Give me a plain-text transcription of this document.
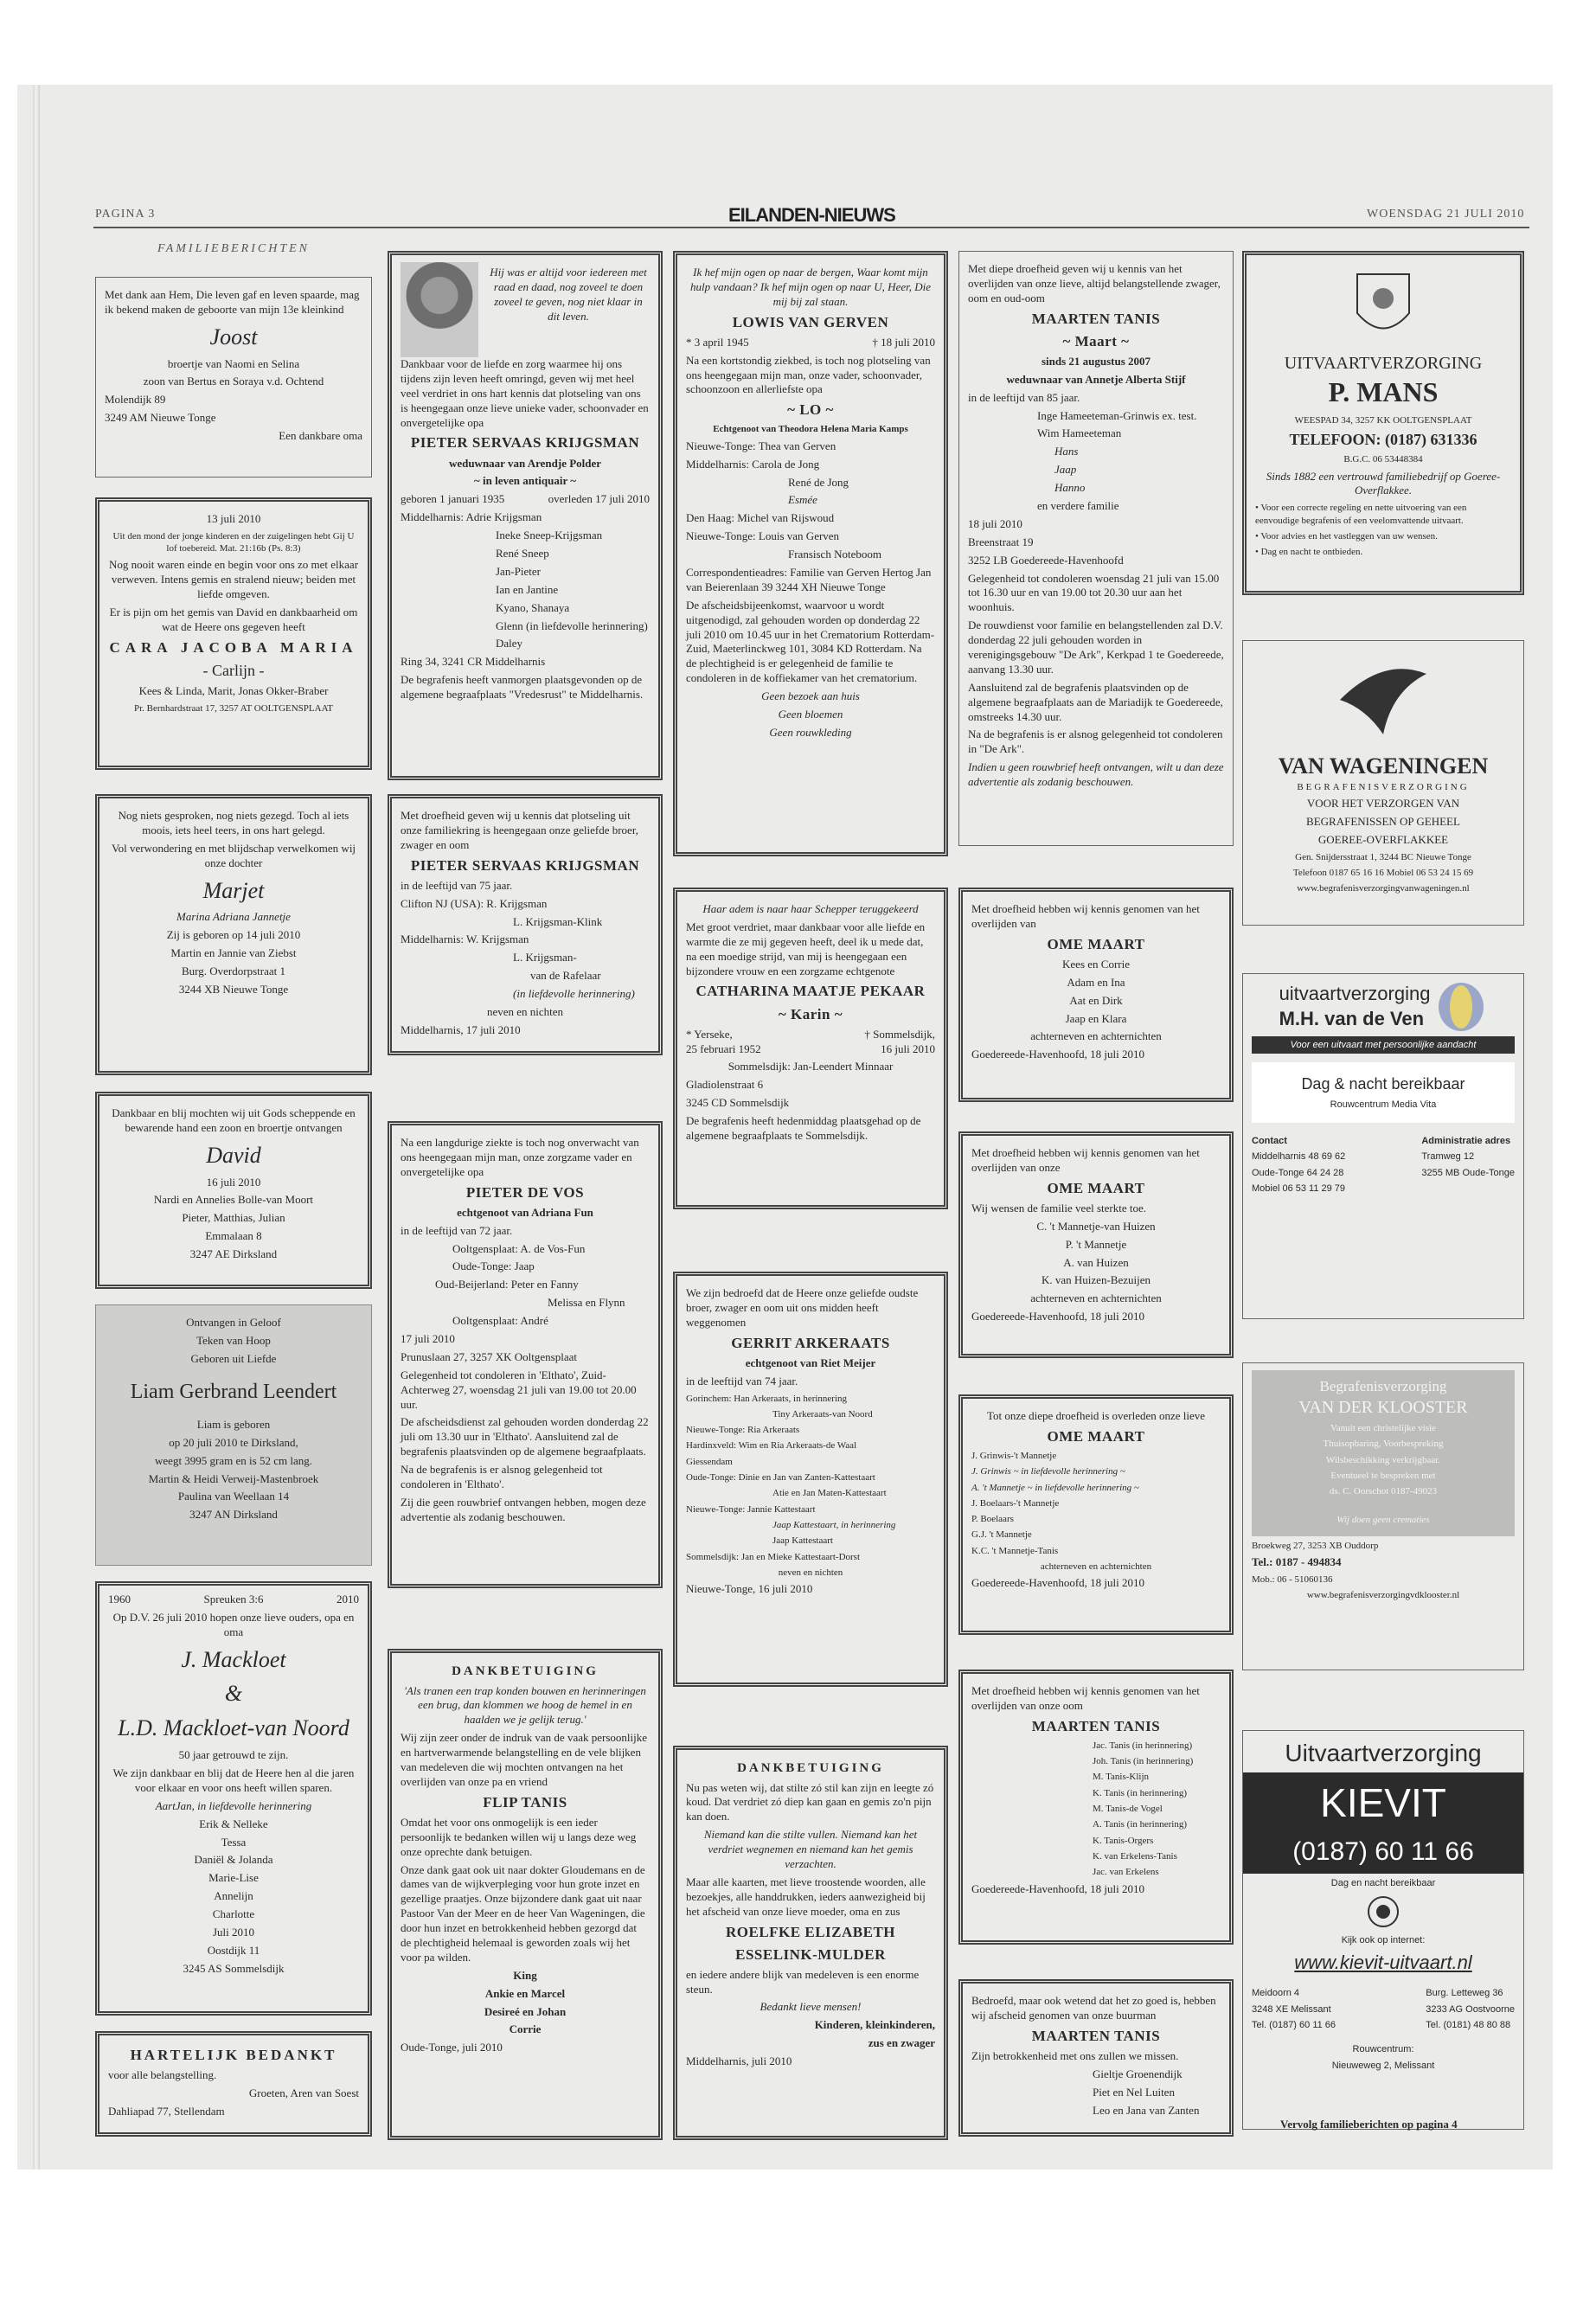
PAGINA 3	EILANDEN-NIEUWS	WOENSDAG 21 JULI 2010
FAMILIEBERICHTEN

Met dank aan Hem, Die leven gaf en leven spaarde, mag ik bekend maken de geboorte van mijn 13e kleinkind

Joost

broertje van Naomi en Selina

zoon van Bertus en Soraya v.d. Ochtend

Molendijk 89

3249 AM Nieuwe Tonge

Een dankbare oma

13 juli 2010

Uit den mond der jonge kinderen en der zuigelingen hebt Gij U lof toebereid. Mat. 21:16b (Ps. 8:3)

Nog nooit waren einde en begin voor ons zo met elkaar verweven. Intens gemis en stralend nieuw; beiden met liefde omgeven.

Er is pijn om het gemis van David en dankbaarheid om wat de Heere ons gegeven heeft

CARA JACOBA MARIA
- Carlijn -

Kees & Linda, Marit, Jonas Okker-Braber

Pr. Bernhardstraat 17, 3257 AT OOLTGENSPLAAT

Nog niets gesproken, nog niets gezegd. Toch al iets moois, iets heel teers, in ons hart gelegd.

Vol verwondering en met blijdschap verwelkomen wij onze dochter

Marjet

Marina Adriana Jannetje

Zij is geboren op 14 juli 2010

Martin en Jannie van Ziebst

Burg. Overdorpstraat 1

3244 XB Nieuwe Tonge

Dankbaar en blij mochten wij uit Gods scheppende en bewarende hand een zoon en broertje ontvangen

David

16 juli 2010

Nardi en Annelies Bolle-van Moort

Pieter, Matthias, Julian

Emmalaan 8

3247 AE Dirksland

Ontvangen in Geloof

Teken van Hoop

Geboren uit Liefde

Liam Gerbrand Leendert

Liam is geboren

op 20 juli 2010 te Dirksland,

weegt 3995 gram en is 52 cm lang.

Martin & Heidi Verweij-Mastenbroek

Paulina van Weellaan 14

3247 AN Dirksland

1960	Spreuken 3:6	2010

Op D.V. 26 juli 2010 hopen onze lieve ouders, opa en oma

J. Mackloet
&
L.D. Mackloet-van Noord

50 jaar getrouwd te zijn.

We zijn dankbaar en blij dat de Heere hen al die jaren voor elkaar en voor ons heeft willen sparen.

AartJan, in liefdevolle herinnering

Erik & Nelleke

Tessa

Daniël & Jolanda

Marie-Lise

Annelijn

Charlotte

Juli 2010

Oostdijk 11

3245 AS Sommelsdijk

HARTELIJK BEDANKT

voor alle belangstelling.

Groeten, Aren van Soest

Dahliapad 77, Stellendam

Hij was er altijd voor iedereen met raad en daad, nog zoveel te doen zoveel te geven, nog niet klaar in dit leven.

Dankbaar voor de liefde en zorg waarmee hij ons tijdens zijn leven heeft omringd, geven wij met heel veel verdriet in ons hart kennis dat plotseling van ons is heengegaan onze lieve unieke vader, schoonvader en onvergetelijke opa

PIETER SERVAAS KRIJGSMAN

weduwnaar van Arendje Polder

~ in leven antiquair ~

geboren 1 januari 1935	overleden 17 juli 2010

Middelharnis: Adrie Krijgsman

Ineke Sneep-Krijgsman

René Sneep

Jan-Pieter

Ian en Jantine

Kyano, Shanaya

Glenn (in liefdevolle herinnering)

Daley

Ring 34, 3241 CR Middelharnis

De begrafenis heeft vanmorgen plaatsgevonden op de algemene begraafplaats "Vredesrust" te Middelharnis.

Met droefheid geven wij u kennis dat plotseling uit onze familiekring is heengegaan onze geliefde broer, zwager en oom

PIETER SERVAAS KRIJGSMAN

in de leeftijd van 75 jaar.

Clifton NJ (USA): R. Krijgsman

L. Krijgsman-Klink

Middelharnis: W. Krijgsman

L. Krijgsman-

van de Rafelaar

(in liefdevolle herinnering)

neven en nichten

Middelharnis, 17 juli 2010

Na een langdurige ziekte is toch nog onverwacht van ons heengegaan mijn man, onze zorgzame vader en onvergetelijke opa

PIETER DE VOS

echtgenoot van Adriana Fun

in de leeftijd van 72 jaar.

Ooltgensplaat: A. de Vos-Fun

Oude-Tonge: Jaap

Oud-Beijerland: Peter en Fanny

Melissa en Flynn

Ooltgensplaat: André

17 juli 2010

Prunuslaan 27, 3257 XK Ooltgensplaat

Gelegenheid tot condoleren in 'Elthato', Zuid-Achterweg 27, woensdag 21 juli van 19.00 tot 20.00 uur.

De afscheidsdienst zal gehouden worden donderdag 22 juli om 13.30 uur in 'Elthato'. Aansluitend zal de begrafenis plaatsvinden op de algemene begraafplaats.

Na de begrafenis is er alsnog gelegenheid tot condoleren in 'Elthato'.

Zij die geen rouwbrief ontvangen hebben, mogen deze advertentie als zodanig beschouwen.

DANKBETUIGING

'Als tranen een trap konden bouwen en herinneringen een brug, dan klommen we hoog de hemel in en haalden we je gelijk terug.'

Wij zijn zeer onder de indruk van de vaak persoonlijke en hartverwarmende belangstelling en de vele blijken van medeleven die wij mochten ontvangen na het overlijden van onze pa en vriend

FLIP TANIS

Omdat het voor ons onmogelijk is een ieder persoonlijk te bedanken willen wij u langs deze weg onze oprechte dank betuigen.

Onze dank gaat ook uit naar dokter Gloudemans en de dames van de wijkverpleging voor hun grote inzet en gezellige praatjes. Onze bijzondere dank gaat uit naar Pastoor Van der Meer en de heer Van Wageningen, die door hun inzet en betrokkenheid hebben gezorgd dat de plechtigheid helemaal is geworden zoals wij het voor pa wilden.

King

Ankie en Marcel

Desireé en Johan

Corrie

Oude-Tonge, juli 2010

Ik hef mijn ogen op naar de bergen, Waar komt mijn hulp vandaan? Ik hef mijn ogen op naar U, Heer, Die mij bij zal staan.

LOWIS VAN GERVEN
* 3 april 1945	† 18 juli 2010

Na een kortstondig ziekbed, is toch nog plotseling van ons heengegaan mijn man, onze vader, schoonvader, schoonzoon en allerliefste opa

~ LO ~

Echtgenoot van Theodora Helena Maria Kamps

Nieuwe-Tonge: Thea van Gerven

Middelharnis: Carola de Jong

René de Jong

Esmée

Den Haag: Michel van Rijswoud

Nieuwe-Tonge: Louis van Gerven

Fransisch Noteboom

Correspondentieadres: Familie van Gerven Hertog Jan van Beierenlaan 39 3244 XH Nieuwe Tonge

De afscheidsbijeenkomst, waarvoor u wordt uitgenodigd, zal gehouden worden op donderdag 22 juli 2010 om 10.45 uur in het Crematorium Rotterdam-Zuid, Maeterlinckweg 101, 3084 KD Rotterdam. Na de plechtigheid is er gelegenheid de familie te condoleren in de koffiekamer van het crematorium.

Geen bezoek aan huis

Geen bloemen

Geen rouwkleding

Haar adem is naar haar Schepper teruggekeerd

Met groot verdriet, maar dankbaar voor alle liefde en warmte die ze mij gegeven heeft, deel ik u mede dat, na een moedige strijd, van mij is heengegaan een bijzondere vrouw en een zorgzame echtgenote

CATHARINA MAATJE PEKAAR
~ Karin ~
* Yerseke,	† Sommelsdijk,
25 februari 1952	16 juli 2010

Sommelsdijk: Jan-Leendert Minnaar

Gladiolenstraat 6

3245 CD Sommelsdijk

De begrafenis heeft hedenmiddag plaatsgehad op de algemene begraafplaats te Sommelsdijk.

We zijn bedroefd dat de Heere onze geliefde oudste broer, zwager en oom uit ons midden heeft weggenomen

GERRIT ARKERAATS

echtgenoot van Riet Meijer

in de leeftijd van 74 jaar.

Gorinchem: Han Arkeraats, in herinnering

Tiny Arkeraats-van Noord

Nieuwe-Tonge: Ria Arkeraats

Hardinxveld: Wim en Ria Arkeraats-de Waal

Giessendam

Oude-Tonge: Dinie en Jan van Zanten-Kattestaart

Atie en Jan Maten-Kattestaart

Nieuwe-Tonge: Jannie Kattestaart

Jaap Kattestaart, in herinnering

Jaap Kattestaart

Sommelsdijk: Jan en Mieke Kattestaart-Dorst

neven en nichten

Nieuwe-Tonge, 16 juli 2010

DANKBETUIGING

Nu pas weten wij, dat stilte zó stil kan zijn en leegte zó koud. Dat verdriet zó diep kan gaan en gemis zo'n pijn kan doen.

Niemand kan die stilte vullen. Niemand kan het verdriet wegnemen en niemand kan het gemis verzachten.

Maar alle kaarten, met lieve troostende woorden, alle bezoekjes, alle handdrukken, ieders aanwezigheid bij het afscheid van onze lieve moeder, oma en zus

ROELFKE ELIZABETH
ESSELINK-MULDER

en iedere andere blijk van medeleven is een enorme steun.

Bedankt lieve mensen!

Kinderen, kleinkinderen,

zus en zwager

Middelharnis, juli 2010

Met diepe droefheid geven wij u kennis van het overlijden van onze lieve, altijd belangstellende zwager, oom en oud-oom

MAARTEN TANIS
~ Maart ~

sinds 21 augustus 2007

weduwnaar van Annetje Alberta Stijf

in de leeftijd van 85 jaar.

Inge Hameeteman-Grinwis ex. test.

Wim Hameeteman

Hans

Jaap

Hanno

en verdere familie

18 juli 2010

Breenstraat 19

3252 LB Goedereede-Havenhoofd

Gelegenheid tot condoleren woensdag 21 juli van 15.00 tot 16.30 uur en van 19.00 tot 20.30 uur aan het woonhuis.

De rouwdienst voor familie en belangstellenden zal D.V. donderdag 22 juli gehouden worden in verenigingsgebouw "De Ark", Kerkpad 1 te Goedereede, aanvang 13.30 uur.

Aansluitend zal de begrafenis plaatsvinden op de algemene begraafplaats aan de Mariadijk te Goedereede, omstreeks 14.30 uur.

Na de begrafenis is er alsnog gelegenheid tot condoleren in "De Ark".

Indien u geen rouwbrief heeft ontvangen, wilt u dan deze advertentie als zodanig beschouwen.

Met droefheid hebben wij kennis genomen van het overlijden van

OME MAART

Kees en Corrie

Adam en Ina

Aat en Dirk

Jaap en Klara

achterneven en achternichten

Goedereede-Havenhoofd, 18 juli 2010

Met droefheid hebben wij kennis genomen van het overlijden van onze

OME MAART

Wij wensen de familie veel sterkte toe.

C. 't Mannetje-van Huizen

P. 't Mannetje

A. van Huizen

K. van Huizen-Bezuijen

achterneven en achternichten

Goedereede-Havenhoofd, 18 juli 2010

Tot onze diepe droefheid is overleden onze lieve

OME MAART

J. Grinwis-'t Mannetje

J. Grinwis ~ in liefdevolle herinnering ~

A. 't Mannetje ~ in liefdevolle herinnering ~

J. Boelaars-'t Mannetje

P. Boelaars

G.J. 't Mannetje

K.C. 't Mannetje-Tanis

achterneven en achternichten

Goedereede-Havenhoofd, 18 juli 2010

Met droefheid hebben wij kennis genomen van het overlijden van onze oom

MAARTEN TANIS

Jac. Tanis (in herinnering)

Joh. Tanis (in herinnering)

M. Tanis-Klijn

K. Tanis (in herinnering)

M. Tanis-de Vogel

A. Tanis (in herinnering)

K. Tanis-Orgers

K. van Erkelens-Tanis

Jac. van Erkelens

Goedereede-Havenhoofd, 18 juli 2010

Bedroefd, maar ook wetend dat het zo goed is, hebben wij afscheid genomen van onze buurman

MAARTEN TANIS

Zijn betrokkenheid met ons zullen we missen.

Gieltje Groenendijk

Piet en Nel Luiten

Leo en Jana van Zanten

UITVAARTVERZORGING
P. MANS

WEESPAD 34, 3257 KK OOLTGENSPLAAT

TELEFOON: (0187) 631336

B.G.C. 06 53448384

Sinds 1882 een vertrouwd familiebedrijf op Goeree-Overflakkee.

• Voor een correcte regeling en nette uitvoering van een eenvoudige begrafenis of een veelomvattende uitvaart.

• Voor advies en het vastleggen van uw wensen.

• Dag en nacht te ontbieden.

VAN WAGENINGEN
BEGRAFENISVERZORGING

VOOR HET VERZORGEN VAN

BEGRAFENISSEN OP GEHEEL

GOEREE-OVERFLAKKEE

Gen. Snijdersstraat 1, 3244 BC Nieuwe Tonge

Telefoon 0187 65 16 16 Mobiel 06 53 24 15 69

www.begrafenisverzorgingvanwageningen.nl

uitvaartverzorging
M.H. van de Ven

Voor een uitvaart met persoonlijke aandacht

Dag & nacht bereikbaar

Rouwcentrum Media Vita

Contact

Middelharnis 48 69 62

Oude-Tonge 64 24 28

Mobiel 06 53 11 29 79

Administratie adres

Tramweg 12

3255 MB Oude-Tonge

Begrafenisverzorging
VAN DER KLOOSTER

Vanuit een christelijke visie

Thuisopbaring, Voorbespreking

Wilsbeschikking verkrijgbaar.

Eventueel te bespreken met

ds. C. Oorschot 0187-49023

Wij doen geen crematies

Broekweg 27, 3253 XB Ouddorp

Tel.: 0187 - 494834

Mob.: 06 - 51060136

www.begrafenisverzorgingvdklooster.nl

Uitvaartverzorging
KIEVIT
(0187) 60 11 66

Dag en nacht bereikbaar

Kijk ook op internet:

www.kievit-uitvaart.nl

Meidoorn 4

3248 XE Melissant

Tel. (0187) 60 11 66

Burg. Letteweg 36

3233 AG Oostvoorne

Tel. (0181) 48 80 88

Rouwcentrum:

Nieuweweg 2, Melissant

Vervolg familieberichten op pagina 4
